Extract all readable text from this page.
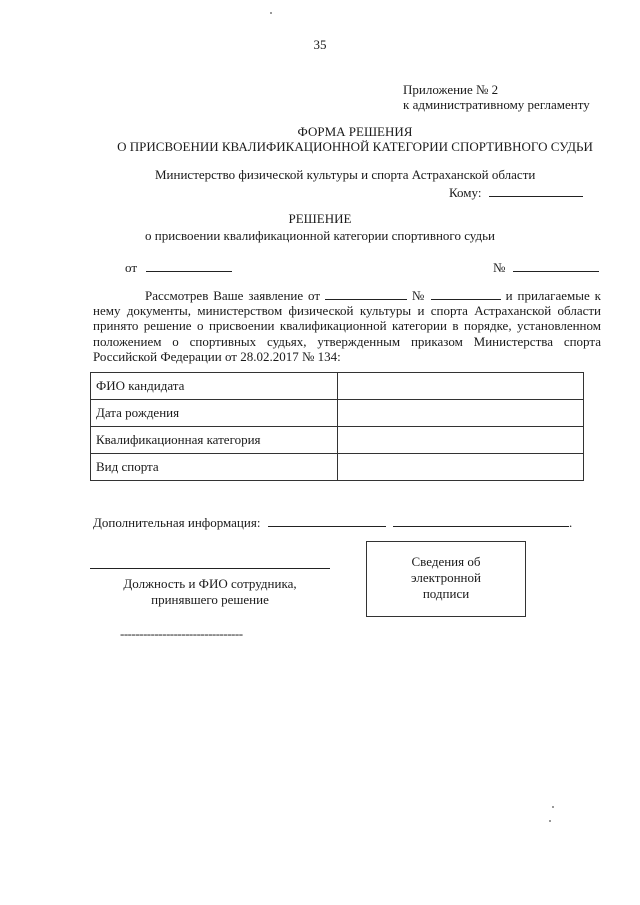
35
Приложение № 2
к административному регламенту
ФОРМА РЕШЕНИЯ
О ПРИСВОЕНИИ КВАЛИФИКАЦИОННОЙ КАТЕГОРИИ СПОРТИВНОГО СУДЬИ
Министерство физической культуры и спорта Астраханской области
Кому:
РЕШЕНИЕ
о присвоении квалификационной категории спортивного судьи
от	№
Рассмотрев Ваше заявление от	№	и прилагаемые к
нему документы, министерством физической культуры и спорта Астраханской области
принято решение о присвоении квалификационной категории в порядке, установленном
положением о спортивных судьях, утвержденным приказом Министерства спорта
Российской Федерации от 28.02.2017 № 134:
ФИО кандидата	
Дата рождения	
Квалификационная категория	
Вид спорта	
Дополнительная информация:	.
Должность и ФИО сотрудника,
принявшего решение
Сведения об
электронной
подписи
--------------------------------
